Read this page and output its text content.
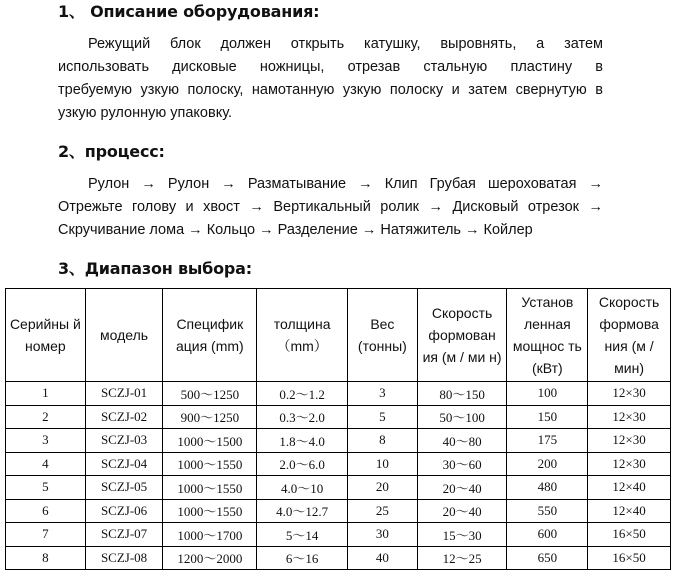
1、 Описание оборудования:
Режущий блок должен открыть катушку, выровнять, а затем
использовать дисковые ножницы, отрезав стальную пластину в
требуемую узкую полоску, намотанную узкую полоску и затем свернутую в
узкую рулонную упаковку.
2、процесс:
Рулон → Рулон → Разматывание → Клип Грубая шероховатая →
Отрежьте голову и хвост → Вертикальный ролик → Дисковый отрезок →
Скручивание лома → Кольцо → Разделение → Натяжитель → Койлер
3、Диапазон выбора:
Серийны й номер	модель	Специфик ация (mm)	толщина （mm）	Вес (тонны)	Скорость формован ия (м / ми н)	Установ ленная мощнос ть (кВт)	Скорость формова ния (м / мин)
1	SCZJ-01	500～1250	0.2～1.2	3	80～150	100	12×30
2	SCZJ-02	900～1250	0.3～2.0	5	50～100	150	12×30
3	SCZJ-03	1000～1500	1.8～4.0	8	40～80	175	12×30
4	SCZJ-04	1000～1550	2.0～6.0	10	30～60	200	12×30
5	SCZJ-05	1000～1550	4.0～10	20	20～40	480	12×40
6	SCZJ-06	1000～1550	4.0～12.7	25	20～40	550	12×40
7	SCZJ-07	1000～1700	5～14	30	15～30	600	16×50
8	SCZJ-08	1200～2000	6～16	40	12～25	650	16×50
